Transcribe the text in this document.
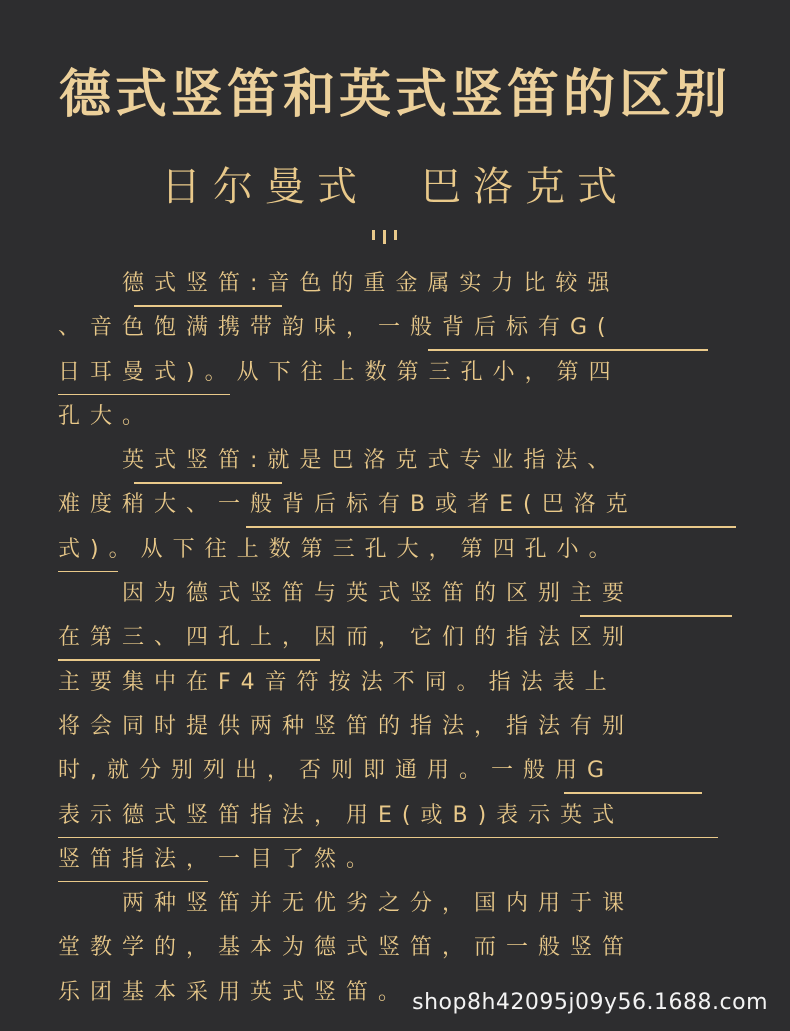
德式竖笛和英式竖笛的区别
日尔曼式　巴洛克式
　　德式竖笛:音色的重金属实力比较强
、音色饱满携带韵味，一般背后标有G(
日耳曼式)。从下往上数第三孔小，第四
孔大。
　　英式竖笛:就是巴洛克式专业指法、
难度稍大、一般背后标有B或者E(巴洛克
式)。从下往上数第三孔大，第四孔小。
　　因为德式竖笛与英式竖笛的区别主要
在第三、四孔上，因而，它们的指法区别
主要集中在F4音符按法不同。指法表上
将会同时提供两种竖笛的指法，指法有别
时,就分别列出，否则即通用。一般用G
表示德式竖笛指法，用E(或B)表示英式
竖笛指法，一目了然。
　　两种竖笛并无优劣之分，国内用于课
堂教学的，基本为德式竖笛，而一般竖笛
乐团基本采用英式竖笛。 shop8h42095j09y56.1688.com
